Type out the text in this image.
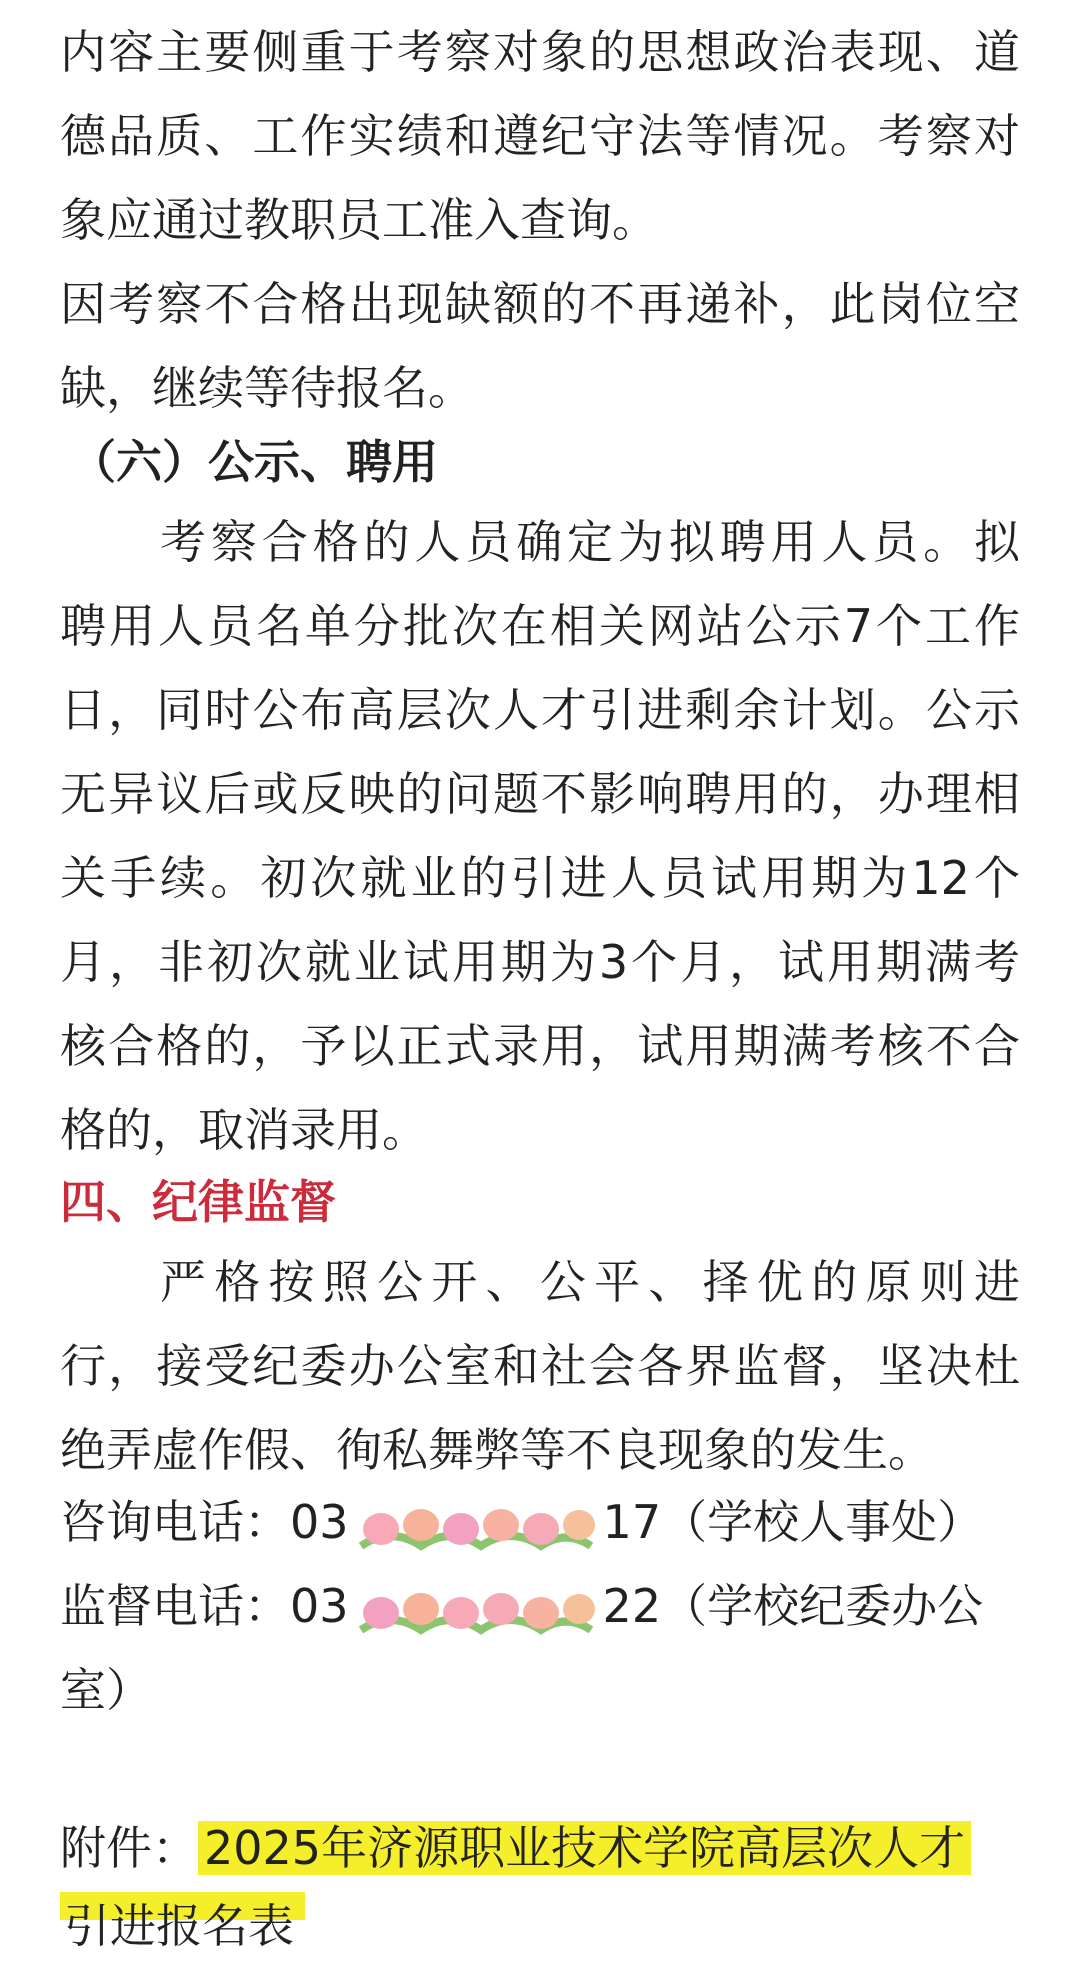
内容主要侧重于考察对象的思想政治表现、道
德品质、工作实绩和遵纪守法等情况。考察对
象应通过教职员工准入查询。
因考察不合格出现缺额的不再递补，此岗位空
缺，继续等待报名。
（六）公示、聘用
考察合格的人员确定为拟聘用人员。拟
聘用人员名单分批次在相关网站公示7个工作
日，同时公布高层次人才引进剩余计划。公示
无异议后或反映的问题不影响聘用的，办理相
关手续。初次就业的引进人员试用期为12个
月，非初次就业试用期为3个月，试用期满考
核合格的，予以正式录用，试用期满考核不合
格的，取消录用。
四、纪律监督
严格按照公开、公平、择优的原则进
行，接受纪委办公室和社会各界监督，坚决杜
绝弄虚作假、徇私舞弊等不良现象的发生。
咨询电话：03	17（学校人事处）
监督电话：03	22（学校纪委办公
室）
附件： 2025年济源职业技术学院高层次人才
引进报名表
